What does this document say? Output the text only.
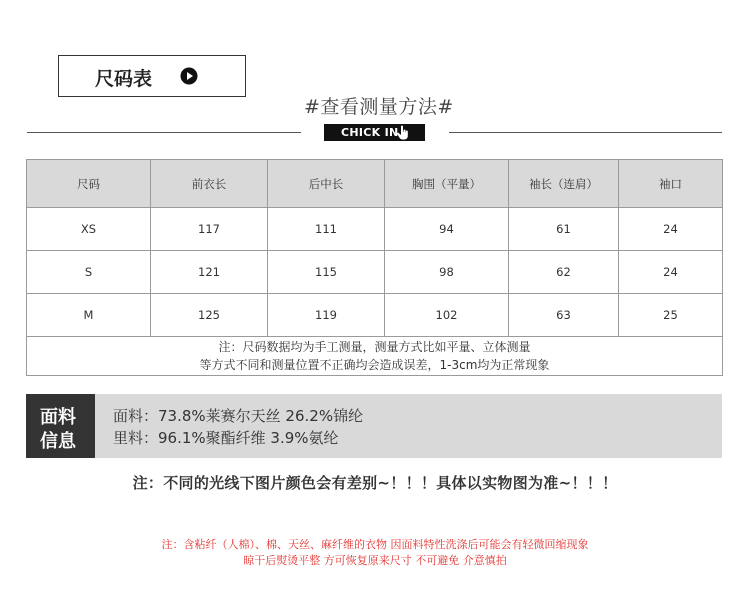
尺码表
#查看测量方法#
CHICK IN
尺码	前衣长	后中长	胸围（平量）	袖长（连肩）	袖口
XS	117	111	94	61	24
S	121	115	98	62	24
M	125	119	102	63	25

注：尺码数据均为手工测量，测量方式比如平量、立体测量
等方式不同和测量位置不正确均会造成误差，1-3cm均为正常现象					
面料
信息
面料：73.8%莱赛尔天丝 26.2%锦纶
里料：96.1%聚酯纤维 3.9%氨纶
注：不同的光线下图片颜色会有差别~！！！具体以实物图为准~！！！
注：含粘纤（人棉）、棉、天丝、麻纤维的衣物 因面料特性洗涤后可能会有轻微回缩现象
晾干后熨烫平整 方可恢复原来尺寸 不可避免 介意慎拍
